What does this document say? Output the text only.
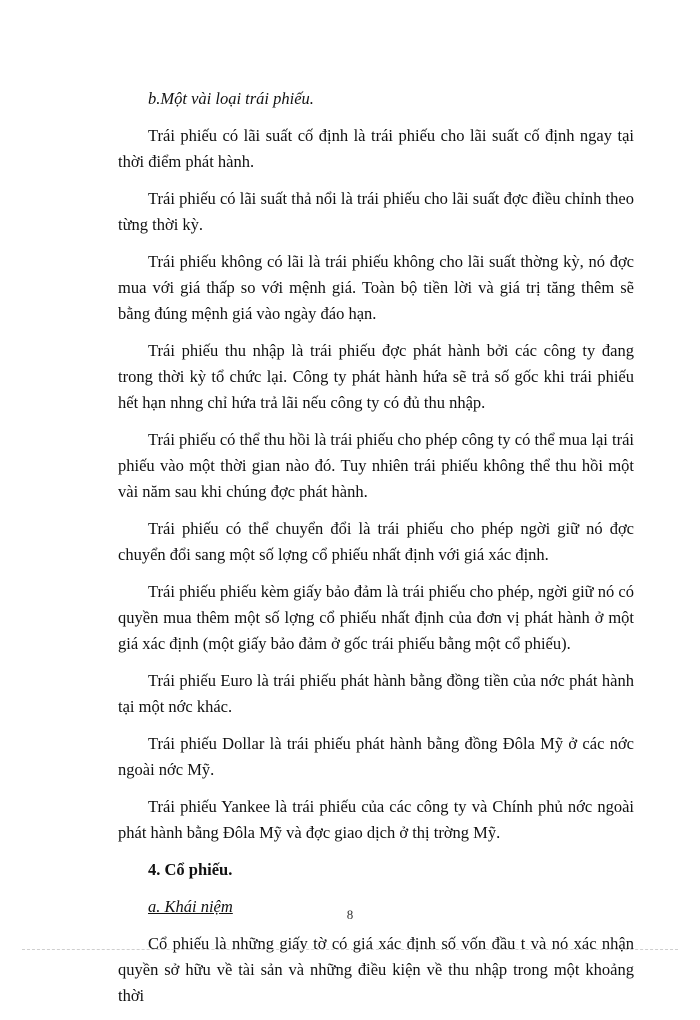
b.Một vài loại trái phiếu.

Trái phiếu có lãi suất cố định là trái phiếu cho lãi suất cố định ngay tại thời điểm phát hành.

Trái phiếu có lãi suất thả nổi là trái phiếu cho lãi suất đợc điều chỉnh theo từng thời kỳ.

Trái phiếu không có lãi là trái phiếu không cho lãi suất thờng kỳ, nó đợc mua với giá thấp so với mệnh giá. Toàn bộ tiền lời và giá trị tăng thêm sẽ bằng đúng mệnh giá vào ngày đáo hạn.

Trái phiếu thu nhập là trái phiếu đợc phát hành bởi các công ty đang trong thời kỳ tổ chức lại. Công ty phát hành hứa sẽ trả số gốc khi trái phiếu hết hạn nhng chỉ hứa trả lãi nếu công ty có đủ thu nhập.

Trái phiếu có thể thu hồi là trái phiếu cho phép công ty có thể mua lại trái phiếu vào một thời gian nào đó. Tuy nhiên trái phiếu không thể thu hồi một vài năm sau khi chúng đợc phát hành.

Trái phiếu có thể chuyển đổi là trái phiếu cho phép ngời giữ nó đợc chuyển đổi sang một số lợng cổ phiếu nhất định với giá xác định.

Trái phiếu phiếu kèm giấy bảo đảm là trái phiếu cho phép, ngời giữ nó có quyền mua thêm một số lợng cổ phiếu nhất định của đơn vị phát hành ở một giá xác định (một giấy bảo đảm ở gốc trái phiếu bằng một cổ phiếu).

Trái phiếu Euro là trái phiếu phát hành bằng đồng tiền của nớc phát hành tại một nớc khác.

Trái phiếu Dollar là trái phiếu phát hành bằng đồng Đôla Mỹ ở các nớc ngoài nớc Mỹ.

Trái phiếu Yankee là trái phiếu của các công ty và Chính phủ nớc ngoài phát hành bằng Đôla Mỹ và đợc giao dịch ở thị trờng Mỹ.

4. Cổ phiếu.

a. Khái niệm

Cổ phiếu là những giấy tờ có giá xác định số vốn đầu t và nó xác nhận quyền sở hữu về tài sản và những điều kiện về thu nhập trong một khoảng thời

8
